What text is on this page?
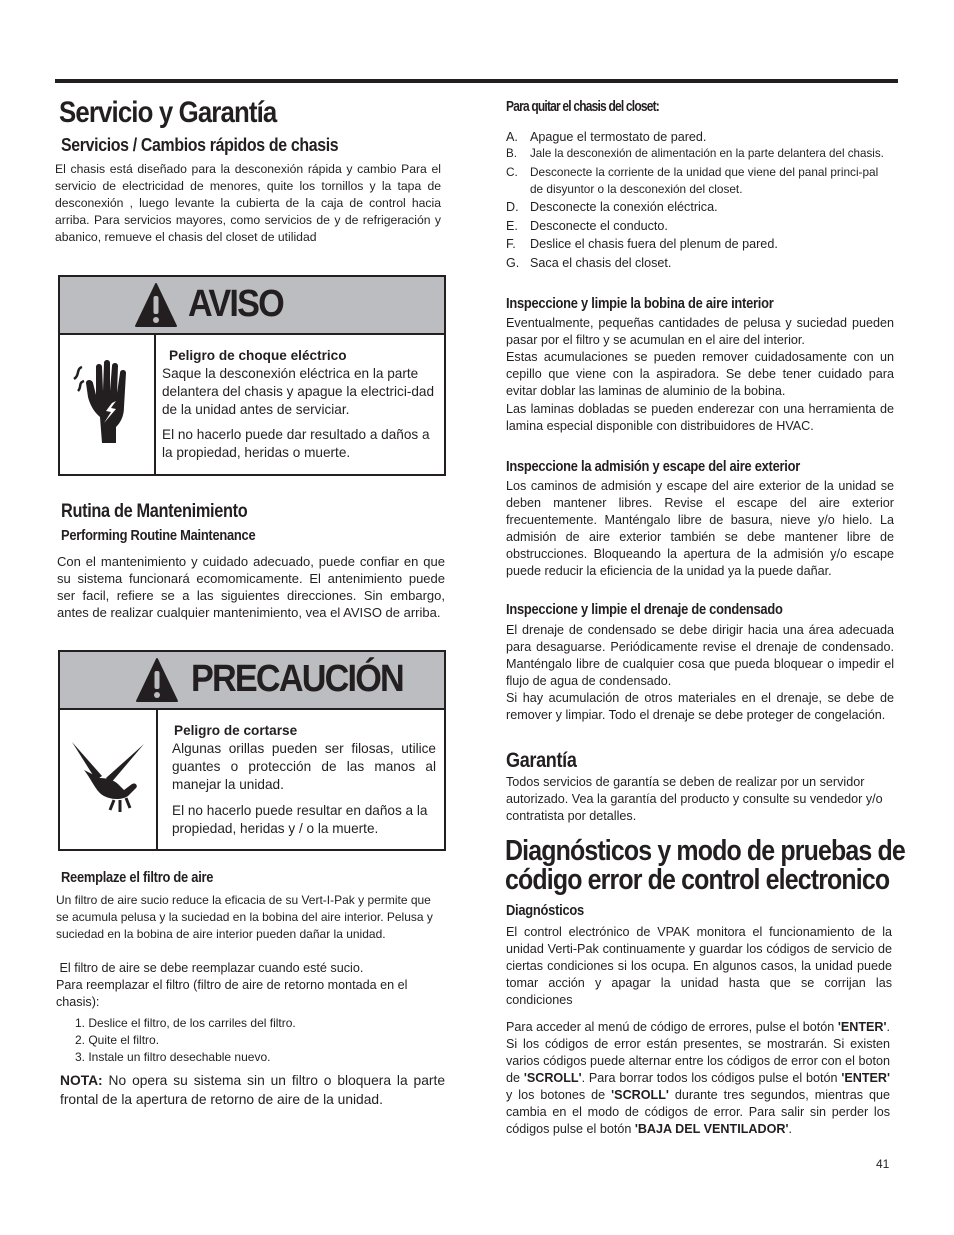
Servicio y Garantía
Servicios / Cambios rápidos de chasis
El chasis está diseñado para la desconexión rápida y cambio Para el servicio de electricidad de menores, quite los tornillos y la tapa de desconexión , luego levante la cubierta de la caja de control hacia arriba. Para servicios mayores, como servicios de y de refrigeración y abanico, remueve el chasis del closet de utilidad
AVISO
Peligro de choque eléctrico
Saque la desconexión eléctrica en la parte delantera del chasis y apague la electrici-dad de la unidad antes de serviciar.
El no hacerlo puede dar resultado a daños a la propiedad, heridas o muerte.
Rutina de Mantenimiento
Performing Routine Maintenance
Con el mantenimiento y cuidado adecuado, puede confiar en que su sistema funcionará ecomomicamente. El antenimiento puede ser facil, refiere se a las siguientes direcciones. Sin embargo, antes de realizar cualquier mantenimiento, vea el AVISO de arriba.
PRECAUCIÓN
Peligro de cortarse
Algunas orillas pueden ser filosas, utilice guantes o protección de las manos al manejar la unidad.
El no hacerlo puede resultar en daños a la propiedad, heridas y / o la muerte.
Reemplaze el filtro de aire
Un filtro de aire sucio reduce la eficacia de su Vert-I-Pak y permite que se acumula pelusa y la suciedad en la bobina del aire interior. Pelusa y suciedad en la bobina de aire interior pueden dañar la unidad.
El filtro de aire se debe reemplazar cuando esté sucio.
Para reemplazar el filtro (filtro de aire de retorno montada en el chasis):
1. Deslice el filtro, de los carriles del filtro.
2. Quite el filtro.
3. Instale un filtro desechable nuevo.
NOTA: No opera su sistema sin un filtro o bloquera la parte frontal de la apertura de retorno de aire de la unidad.
Para quitar el chasis del closet:
A. Apague el termostato de pared.
B. Jale la desconexión de alimentación en la parte delantera del chasis.
C. Desconecte la corriente de la unidad que viene del panal princi-pal de disyuntor o la desconexión del closet.
D. Desconecte la conexión eléctrica.
E. Desconecte el conducto.
F. Deslice el chasis fuera del plenum de pared.
G. Saca el chasis del closet.
Inspeccione y limpie la bobina de aire interior
Eventualmente, pequeñas cantidades de pelusa y suciedad pueden pasar por el filtro y se acumulan en el aire del interior.
Estas acumulaciones se pueden remover cuidadosamente con un cepillo que viene con la aspiradora. Se debe tener cuidado para evitar doblar las laminas de aluminio de la bobina.
Las laminas dobladas se pueden enderezar con una herramienta de lamina especial disponible con distribuidores de HVAC.
Inspeccione la admisión y escape del aire exterior
Los caminos de admisión y escape del aire exterior de la unidad se deben mantener libres. Revise el escape del aire exterior frecuentemente. Manténgalo libre de basura, nieve y/o hielo. La admisión de aire exterior también se debe mantener libre de obstrucciones. Bloqueando la apertura de la admisión y/o escape puede reducir la eficiencia de la unidad ya la puede dañar.
Inspeccione y limpie el drenaje de condensado
El drenaje de condensado se debe dirigir hacia una área adecuada para desaguarse. Periódicamente revise el drenaje de condensado. Manténgalo libre de cualquier cosa que pueda bloquear o impedir el flujo de agua de condensado.
Si hay acumulación de otros materiales en el drenaje, se debe de remover y limpiar. Todo el drenaje se debe proteger de congelación.
Garantía
Todos servicios de garantía se deben de realizar por un servidor autorizado. Vea la garantía del producto y consulte su vendedor y/o contratista por detalles.
Diagnósticos y modo de pruebas de
código error de control electronico
Diagnósticos
El control electrónico de VPAK monitora el funcionamiento de la unidad Verti-Pak continuamente y guardar los códigos de servicio de ciertas condiciones si los ocupa. En algunos casos, la unidad puede tomar acción y apagar la unidad hasta que se corrijan las condiciones
Para acceder al menú de código de errores, pulse el botón 'ENTER'. Si los códigos de error están presentes, se mostrarán. Si existen varios códigos puede alternar entre los códigos de error con el boton de 'SCROLL'. Para borrar todos los códigos pulse el botón 'ENTER' y los botones de 'SCROLL' durante tres segundos, mientras que cambia en el modo de códigos de error. Para salir sin perder los códigos pulse el botón 'BAJA DEL VENTILADOR'.
41
